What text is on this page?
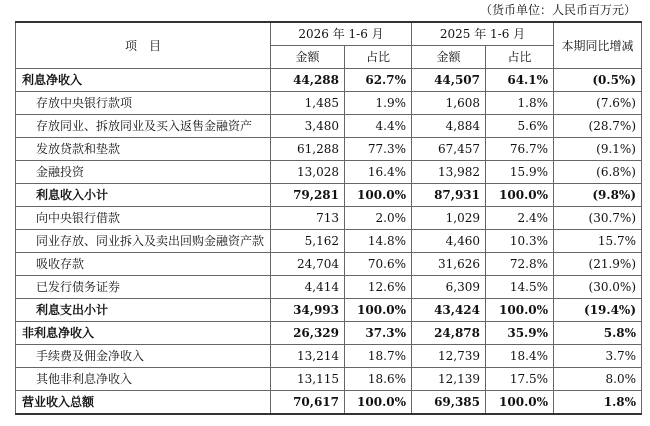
（货币单位：人民币百万元）
项　目	2026 年 1-6 月		2025 年 1-6 月		本期同比增减
	金额	占比	金额	占比	
利息净收入	44,288	62.7%	44,507	64.1%	(0.5%)
存放中央银行款项	1,485	1.9%	1,608	1.8%	(7.6%)
存放同业、拆放同业及买入返售金融资产	3,480	4.4%	4,884	5.6%	(28.7%)
发放贷款和垫款	61,288	77.3%	67,457	76.7%	(9.1%)
金融投资	13,028	16.4%	13,982	15.9%	(6.8%)
利息收入小计	79,281	100.0%	87,931	100.0%	(9.8%)
向中央银行借款	713	2.0%	1,029	2.4%	(30.7%)
同业存放、同业拆入及卖出回购金融资产款	5,162	14.8%	4,460	10.3%	15.7%
吸收存款	24,704	70.6%	31,626	72.8%	(21.9%)
已发行债务证券	4,414	12.6%	6,309	14.5%	(30.0%)
利息支出小计	34,993	100.0%	43,424	100.0%	(19.4%)
非利息净收入	26,329	37.3%	24,878	35.9%	5.8%
手续费及佣金净收入	13,214	18.7%	12,739	18.4%	3.7%
其他非利息净收入	13,115	18.6%	12,139	17.5%	8.0%
营业收入总额	70,617	100.0%	69,385	100.0%	1.8%
